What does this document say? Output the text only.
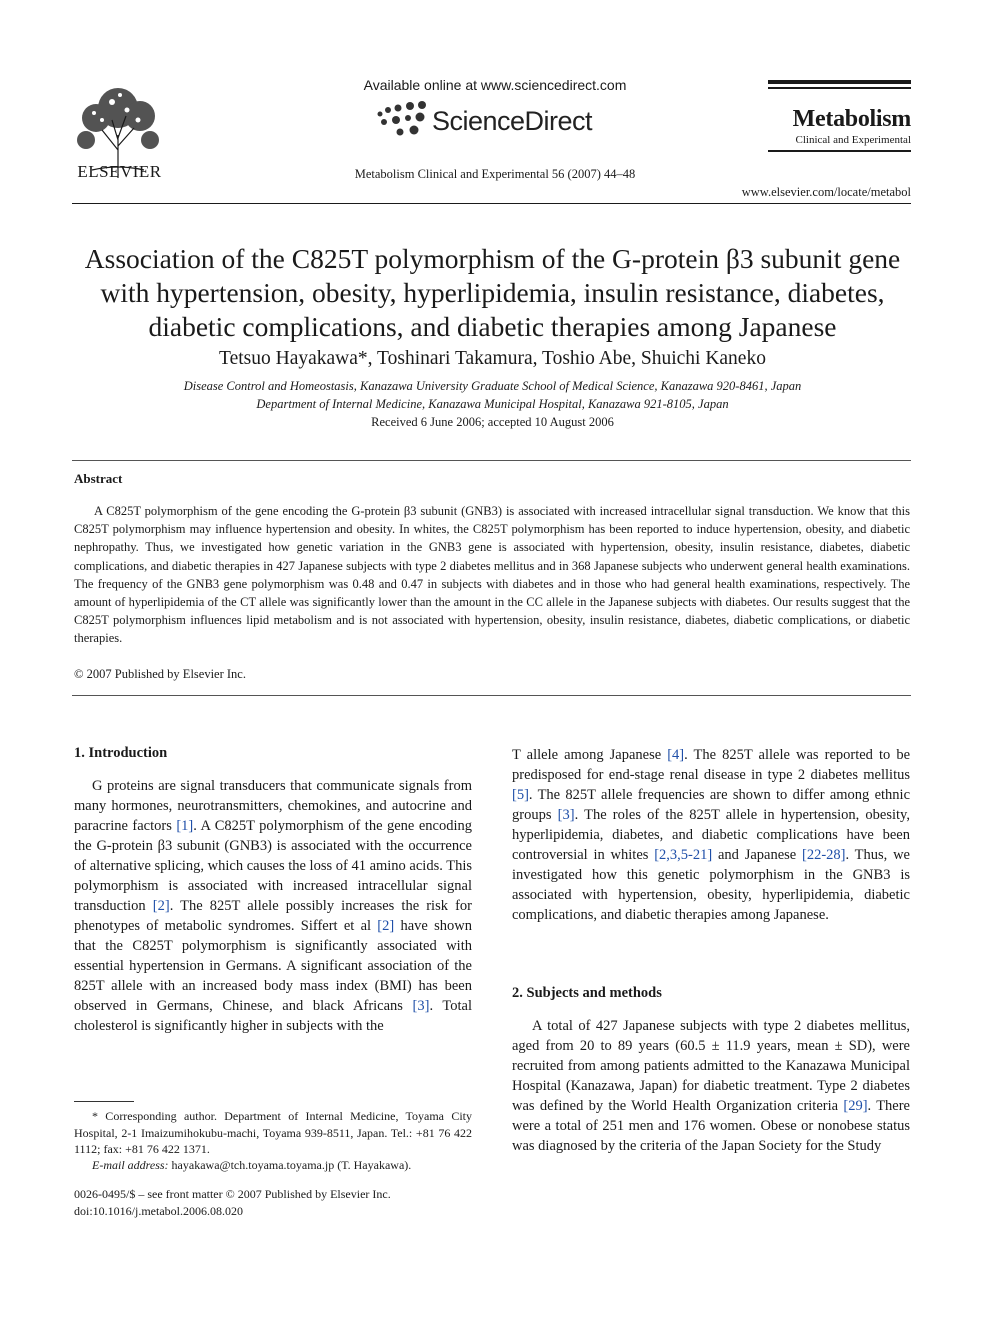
ELSEVIER
Available online at www.sciencedirect.com
ScienceDirect
Metabolism Clinical and Experimental 56 (2007) 44–48
Metabolism
Clinical and Experimental
www.elsevier.com/locate/metabol
Association of the C825T polymorphism of the G-protein β3 subunit gene with hypertension, obesity, hyperlipidemia, insulin resistance, diabetes, diabetic complications, and diabetic therapies among Japanese
Tetsuo Hayakawa*, Toshinari Takamura, Toshio Abe, Shuichi Kaneko
Disease Control and Homeostasis, Kanazawa University Graduate School of Medical Science, Kanazawa 920-8461, Japan
Department of Internal Medicine, Kanazawa Municipal Hospital, Kanazawa 921-8105, Japan
Received 6 June 2006; accepted 10 August 2006
Abstract

A C825T polymorphism of the gene encoding the G-protein β3 subunit (GNB3) is associated with increased intracellular signal transduction. We know that this C825T polymorphism may influence hypertension and obesity. In whites, the C825T polymorphism has been reported to induce hypertension, obesity, and diabetic nephropathy. Thus, we investigated how genetic variation in the GNB3 gene is associated with hypertension, obesity, insulin resistance, diabetes, diabetic complications, and diabetic therapies in 427 Japanese subjects with type 2 diabetes mellitus and in 368 Japanese subjects who underwent general health examinations. The frequency of the GNB3 gene polymorphism was 0.48 and 0.47 in subjects with diabetes and in those who had general health examinations, respectively. The amount of hyperlipidemia of the CT allele was significantly lower than the amount in the CC allele in the Japanese subjects with diabetes. Our results suggest that the C825T polymorphism influences lipid metabolism and is not associated with hypertension, obesity, insulin resistance, diabetes, diabetic complications, or diabetic therapies.

© 2007 Published by Elsevier Inc.
1. Introduction

G proteins are signal transducers that communicate signals from many hormones, neurotransmitters, chemokines, and autocrine and paracrine factors [1]. A C825T polymorphism of the gene encoding the G-protein β3 subunit (GNB3) is associated with the occurrence of alternative splicing, which causes the loss of 41 amino acids. This polymorphism is associated with increased intracellular signal transduction [2]. The 825T allele possibly increases the risk for phenotypes of metabolic syndromes. Siffert et al [2] have shown that the C825T polymorphism is significantly associated with essential hypertension in Germans. A significant association of the 825T allele with an increased body mass index (BMI) has been observed in Germans, Chinese, and black Africans [3]. Total cholesterol is significantly higher in subjects with the

T allele among Japanese [4]. The 825T allele was reported to be predisposed for end-stage renal disease in type 2 diabetes mellitus [5]. The 825T allele frequencies are shown to differ among ethnic groups [3]. The roles of the 825T allele in hypertension, obesity, hyperlipidemia, diabetes, and diabetic complications have been controversial in whites [2,3,5-21] and Japanese [22-28]. Thus, we investigated how this genetic polymorphism in the GNB3 is associated with hypertension, obesity, hyperlipidemia, diabetic complications, and diabetic therapies among Japanese.

2. Subjects and methods

A total of 427 Japanese subjects with type 2 diabetes mellitus, aged from 20 to 89 years (60.5 ± 11.9 years, mean ± SD), were recruited from among patients admitted to the Kanazawa Municipal Hospital (Kanazawa, Japan) for diabetic treatment. Type 2 diabetes was defined by the World Health Organization criteria [29]. There were a total of 251 men and 176 women. Obese or nonobese status was diagnosed by the criteria of the Japan Society for the Study

* Corresponding author. Department of Internal Medicine, Toyama City Hospital, 2-1 Imaizumihokubu-machi, Toyama 939-8511, Japan. Tel.: +81 76 422 1112; fax: +81 76 422 1371.

E-mail address: hayakawa@tch.toyama.toyama.jp (T. Hayakawa).
0026-0495/$ – see front matter © 2007 Published by Elsevier Inc.
doi:10.1016/j.metabol.2006.08.020
